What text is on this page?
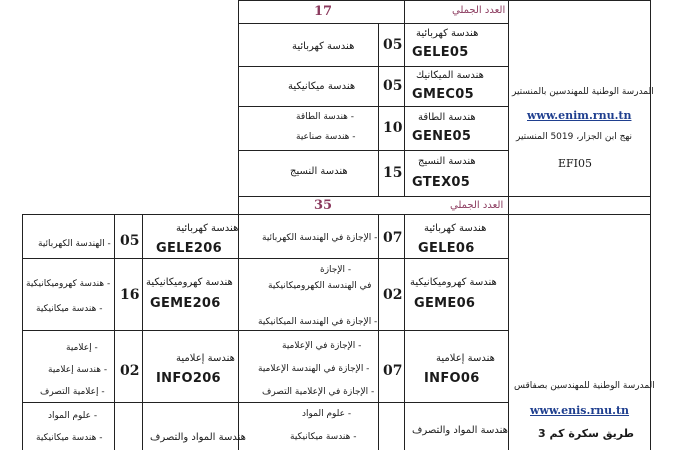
العدد الجملي
17
هندسة كهربائية
GELE05
05
هندسة كهربائية
هندسة الميكانيك
GMEC05
05
هندسة ميكانيكية
هندسة الطاقة
GENE05
10
- هندسة الطاقة
- هندسة صناعية
هندسة النسيج
GTEX05
15
هندسة النسيج
المدرسة الوطنية للمهندسين بالمنستير
www.enim.rnu.tn
نهج ابن الجزار، 5019 المنستير
EFI05
العدد الجملي
35
هندسة كهربائية
GELE06
07
- الإجازة في الهندسة الكهربائية
هندسة كهربائية
GELE206
05
- الهندسة الكهربائية
هندسة كهروميكانيكية
GEME06
02
- الإجازة
في الهندسة الكهروميكانيكية
- الإجازة في الهندسة الميكانيكية
هندسة كهروميكانيكية
GEME206
16
- هندسة كهروميكانيكية
- هندسة ميكانيكية
هندسة إعلامية
INFO06
07
- الإجازة في الإعلامية
- الإجازة في الهندسة الإعلامية
- الإجازة في الإعلامية التصرف
هندسة إعلامية
INFO206
02
- إعلامية
- هندسة إعلامية
- إعلامية التصرف
هندسة المواد والتصرف
- علوم المواد
- هندسة ميكانيكية
هندسة المواد والتصرف
- علوم المواد
- هندسة ميكانيكية
المدرسة الوطنية للمهندسين بصفاقس
www.enis.rnu.tn
طريق سكرة كم 3
